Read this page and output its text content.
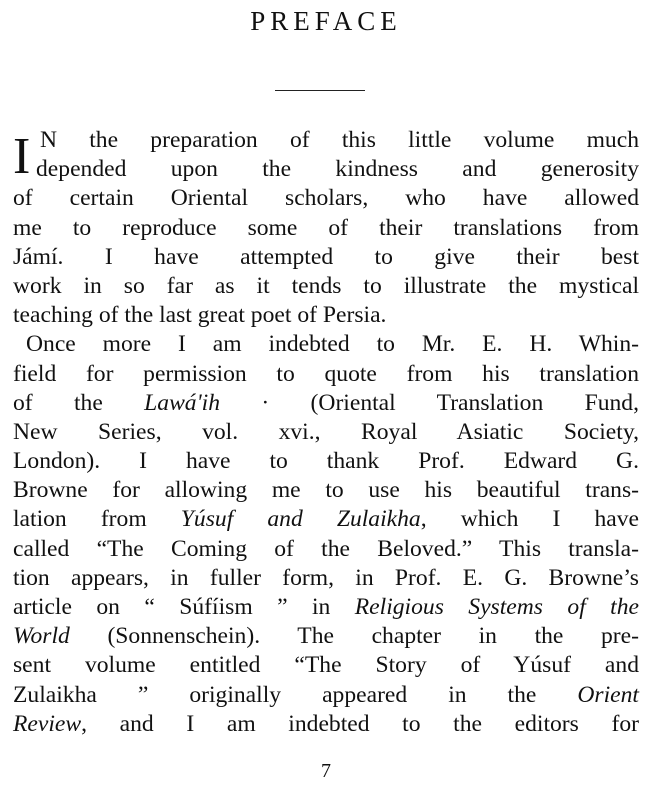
PREFACE
I N the preparation of this little volume much
depended upon the kindness and generosity
of certain Oriental scholars, who have allowed
me to reproduce some of their translations from
Jámí. I have attempted to give their best
work in so far as it tends to illustrate the mystical
teaching of the last great poet of Persia.
Once more I am indebted to Mr. E. H. Whin-
field for permission to quote from his translation
of the Lawá'ih · (Oriental Translation Fund,
New Series, vol. xvi., Royal Asiatic Society,
London). I have to thank Prof. Edward G.
Browne for allowing me to use his beautiful trans-
lation from Yúsuf and Zulaikha, which I have
called “The Coming of the Beloved.” This transla-
tion appears, in fuller form, in Prof. E. G. Browne’s
article on “ Súfíism ” in Religious Systems of the
World (Sonnenschein). The chapter in the pre-
sent volume entitled “The Story of Yúsuf and
Zulaikha ” originally appeared in the Orient
Review, and I am indebted to the editors for
7
